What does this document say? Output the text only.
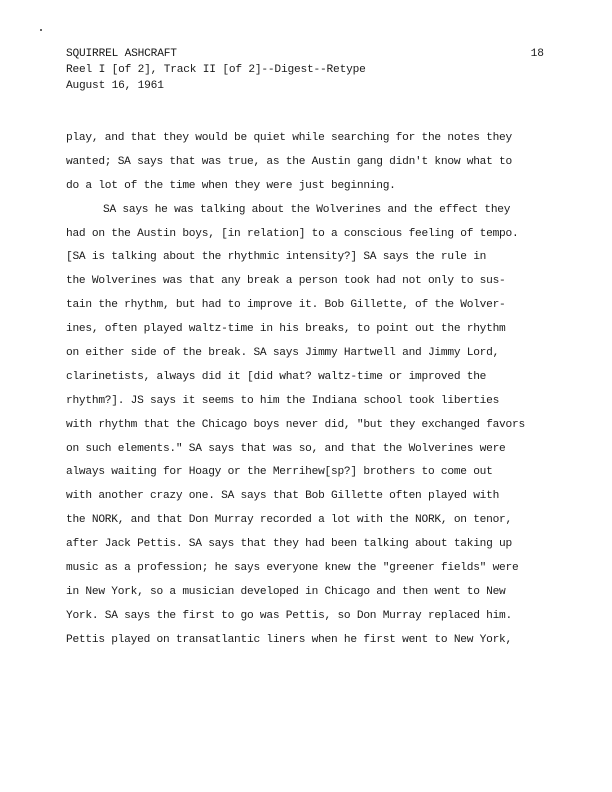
SQUIRREL ASHCRAFT
Reel I [of 2], Track II [of 2]--Digest--Retype
August 16, 1961
18
play, and that they would be quiet while searching for the notes they
wanted; SA says that was true, as the Austin gang didn't know what to
do a lot of the time when they were just beginning.
SA says he was talking about the Wolverines and the effect they
had on the Austin boys, [in relation] to a conscious feeling of tempo.
[SA is talking about the rhythmic intensity?] SA says the rule in
the Wolverines was that any break a person took had not only to sus-
tain the rhythm, but had to improve it. Bob Gillette, of the Wolver-
ines, often played waltz-time in his breaks, to point out the rhythm
on either side of the break. SA says Jimmy Hartwell and Jimmy Lord,
clarinetists, always did it [did what? waltz-time or improved the
rhythm?]. JS says it seems to him the Indiana school took liberties
with rhythm that the Chicago boys never did, "but they exchanged favors
on such elements." SA says that was so, and that the Wolverines were
always waiting for Hoagy or the Merrihew[sp?] brothers to come out
with another crazy one. SA says that Bob Gillette often played with
the NORK, and that Don Murray recorded a lot with the NORK, on tenor,
after Jack Pettis. SA says that they had been talking about taking up
music as a profession; he says everyone knew the "greener fields" were
in New York, so a musician developed in Chicago and then went to New
York. SA says the first to go was Pettis, so Don Murray replaced him.
Pettis played on transatlantic liners when he first went to New York,
